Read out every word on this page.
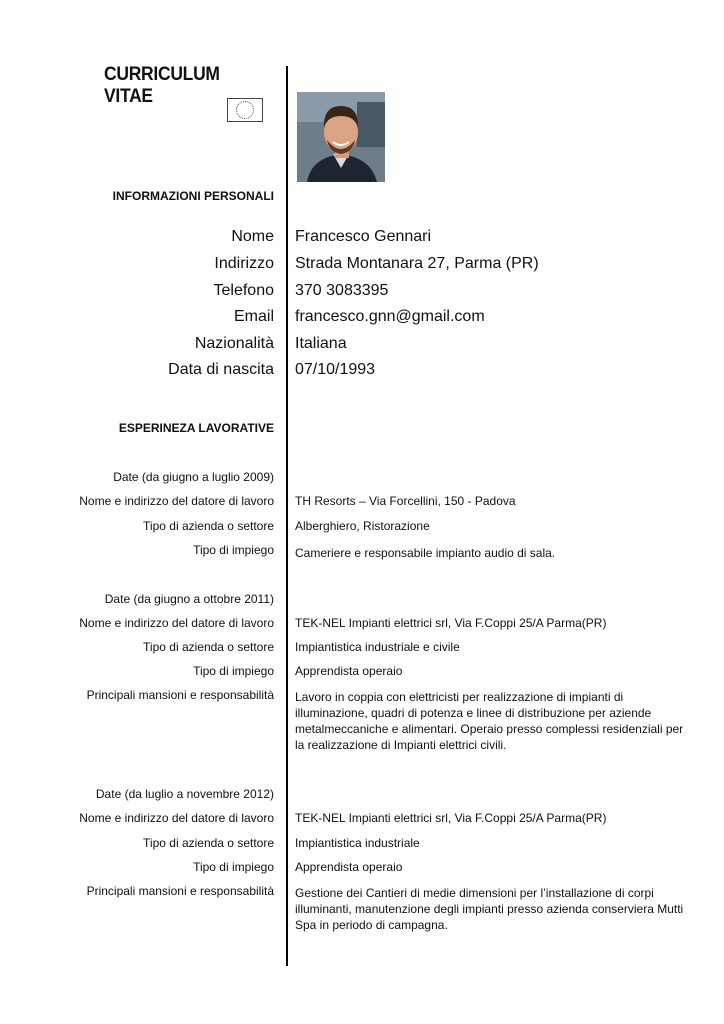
CURRICULUM VITAE
INFORMAZIONI PERSONALI
Nome Francesco Gennari
Indirizzo Strada Montanara 27, Parma (PR)
Telefono 370 3083395
Email francesco.gnn@gmail.com
Nazionalità Italiana
Data di nascita 07/10/1993
ESPERINEZA LAVORATIVE
Date (da giugno a luglio 2009)
Nome e indirizzo del datore di lavoro TH Resorts – Via Forcellini, 150 - Padova
Tipo di azienda o settore Alberghiero, Ristorazione
Tipo di impiego Cameriere e responsabile impianto audio di sala.
Date (da giugno a ottobre 2011)
Nome e indirizzo del datore di lavoro TEK-NEL Impianti elettrici srl, Via F.Coppi 25/A Parma(PR)
Tipo di azienda o settore Impiantistica industriale e civile
Tipo di impiego Apprendista operaio
Principali mansioni e responsabilità Lavoro in coppia con elettricisti per realizzazione di impianti di illuminazione, quadri di potenza e linee di distribuzione per aziende metalmeccaniche e alimentari. Operaio presso complessi residenziali per la realizzazione di Impianti elettrici civili.
Date (da luglio a novembre 2012)
Nome e indirizzo del datore di lavoro TEK-NEL Impianti elettrici srl, Via F.Coppi 25/A Parma(PR)
Tipo di azienda o settore Impiantistica industriale
Tipo di impiego Apprendista operaio
Principali mansioni e responsabilità Gestione dei Cantieri di medie dimensioni per l’installazione di corpi illuminanti, manutenzione degli impianti presso azienda conserviera Mutti Spa in periodo di campagna.
